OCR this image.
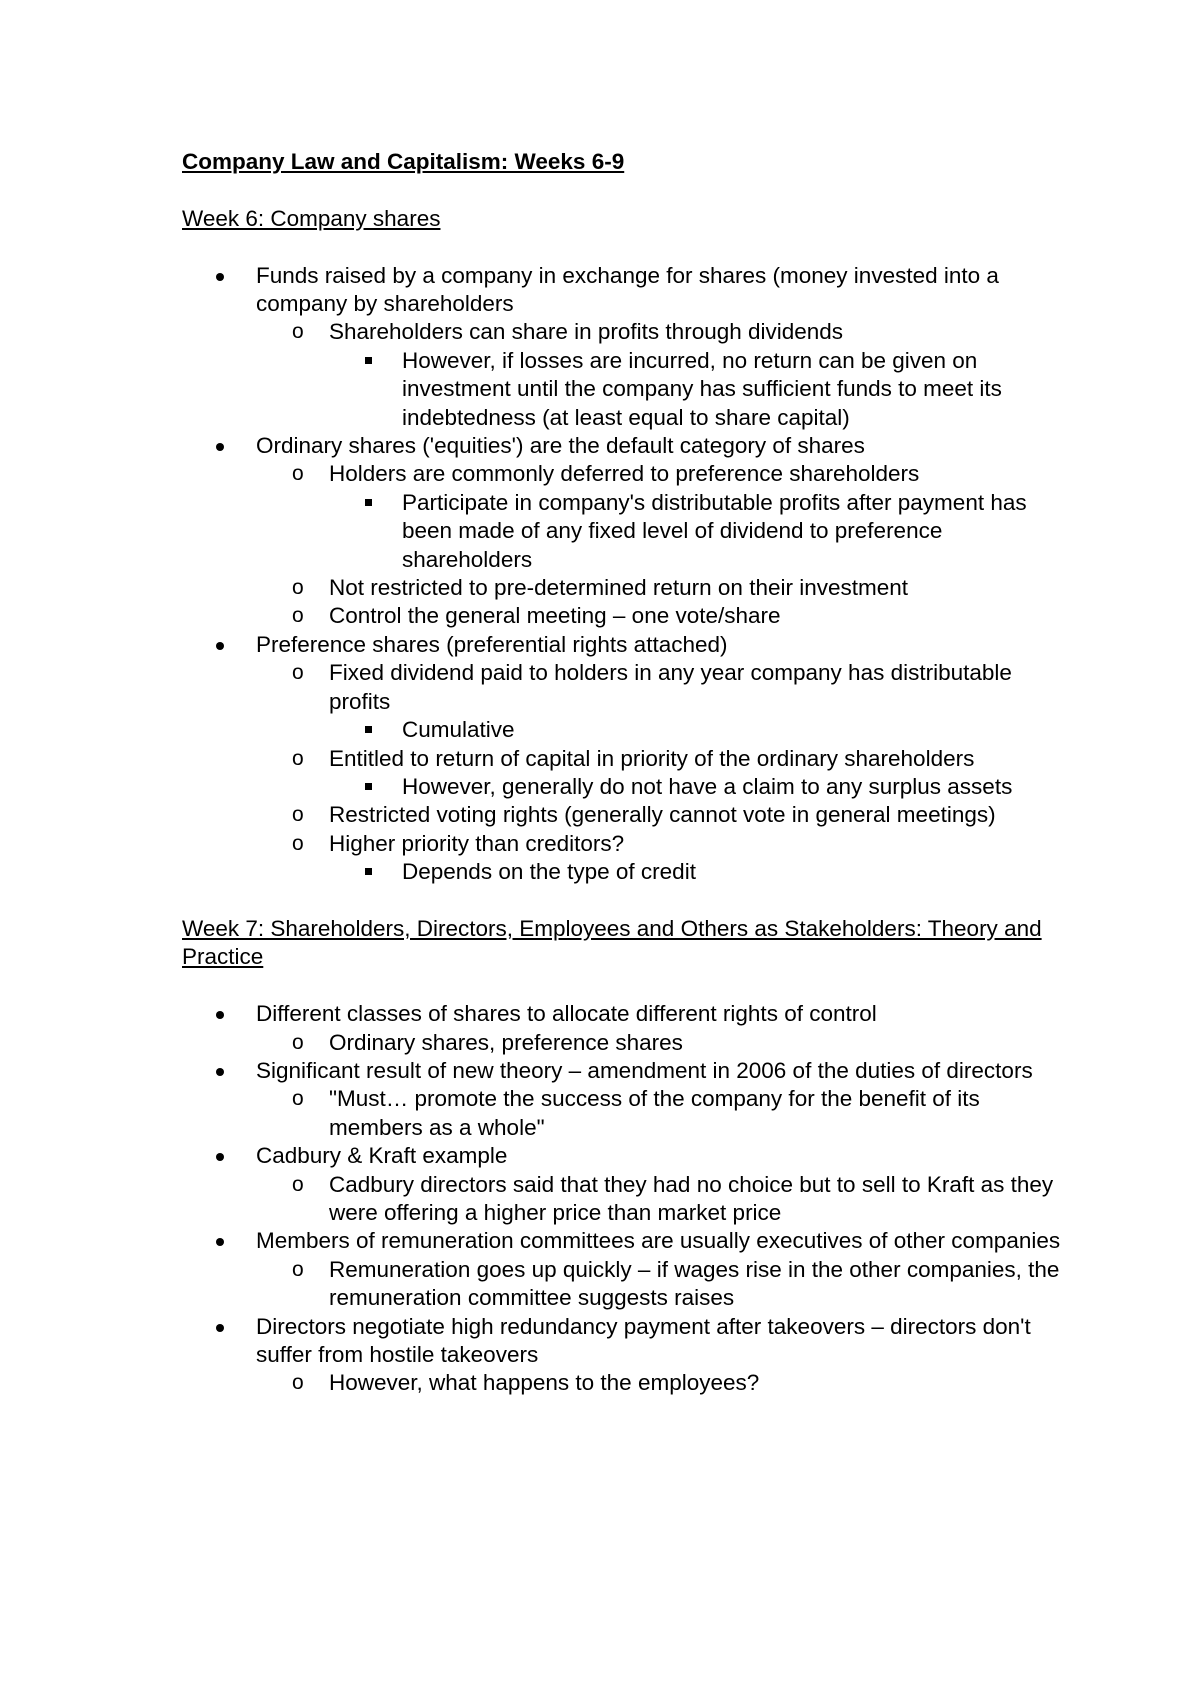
Company Law and Capitalism: Weeks 6-9

Week 6: Company shares

Funds raised by a company in exchange for shares (money invested into a company by shareholders
o Shareholders can share in profits through dividends
However, if losses are incurred, no return can be given on investment until the company has sufficient funds to meet its indebtedness (at least equal to share capital)
Ordinary shares ('equities') are the default category of shares
o Holders are commonly deferred to preference shareholders
Participate in company's distributable profits after payment has been made of any fixed level of dividend to preference shareholders
o Not restricted to pre-determined return on their investment
o Control the general meeting – one vote/share
Preference shares (preferential rights attached)
o Fixed dividend paid to holders in any year company has distributable profits
Cumulative
o Entitled to return of capital in priority of the ordinary shareholders
However, generally do not have a claim to any surplus assets
o Restricted voting rights (generally cannot vote in general meetings)
o Higher priority than creditors?
Depends on the type of credit

Week 7: Shareholders, Directors, Employees and Others as Stakeholders: Theory and Practice

Different classes of shares to allocate different rights of control
o Ordinary shares, preference shares
Significant result of new theory – amendment in 2006 of the duties of directors
o "Must… promote the success of the company for the benefit of its members as a whole"
Cadbury & Kraft example
o Cadbury directors said that they had no choice but to sell to Kraft as they were offering a higher price than market price
Members of remuneration committees are usually executives of other companies
o Remuneration goes up quickly – if wages rise in the other companies, the remuneration committee suggests raises
Directors negotiate high redundancy payment after takeovers – directors don't suffer from hostile takeovers
o However, what happens to the employees?
